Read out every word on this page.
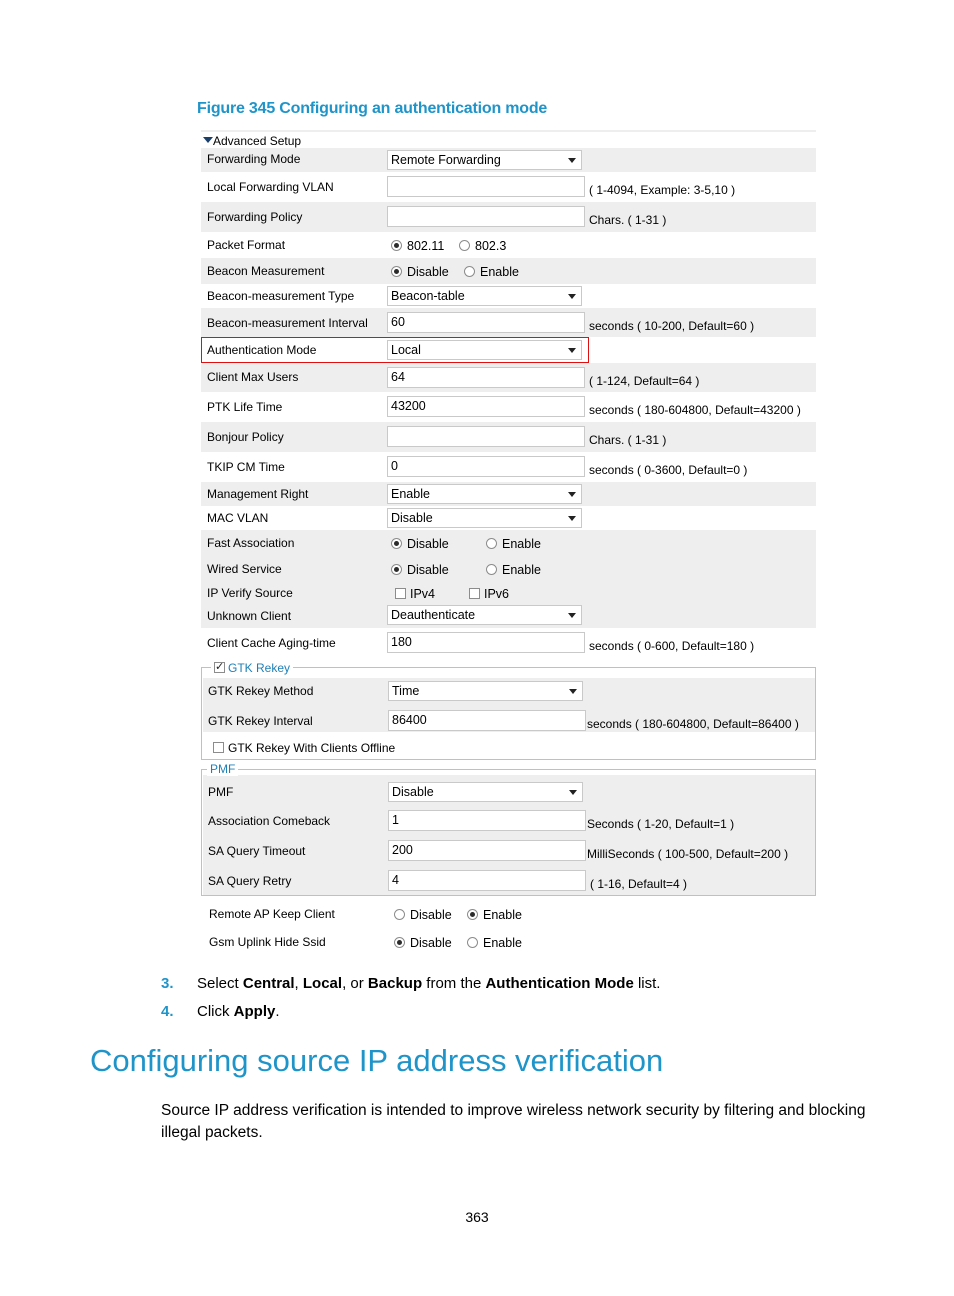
Figure 345 Configuring an authentication mode
Advanced Setup
Forwarding Mode	Remote Forwarding
Local Forwarding VLAN	( 1-4094, Example: 3-5,10 )
Forwarding Policy	Chars. ( 1-31 )
Packet Format	802.11 802.3
Beacon Measurement	Disable	Enable
Beacon-measurement Type	Beacon-table
Beacon-measurement Interval	60	seconds ( 10-200, Default=60 )
Authentication Mode	Local
Client Max Users	64	( 1-124, Default=64 )
PTK Life Time	43200	seconds ( 180-604800, Default=43200 )
Bonjour Policy	Chars. ( 1-31 )
TKIP CM Time	0	seconds ( 0-3600, Default=0 )
Management Right	Enable
MAC VLAN	Disable
Fast Association	Disable	Enable
Wired Service	Disable	Enable
IP Verify Source	IPv4	IPv6
Unknown Client	Deauthenticate
Client Cache Aging-time	180	seconds ( 0-600, Default=180 )
GTK Rekey Method	Time
GTK Rekey Interval	86400	seconds ( 180-604800, Default=86400 )
GTK Rekey With Clients Offline
✓GTK Rekey
PMF	Disable
Association Comeback	1	Seconds ( 1-20, Default=1 )
SA Query Timeout	200	MilliSeconds ( 100-500, Default=200 )
SA Query Retry	4	( 1-16, Default=4 )
PMF
Remote AP Keep Client	Disable	Enable
Gsm Uplink Hide Ssid	Disable	Enable
3. Select Central, Local, or Backup from the Authentication Mode list.
4. Click Apply.
Configuring source IP address verification
Source IP address verification is intended to improve wireless network security by filtering and blocking illegal packets.
363
